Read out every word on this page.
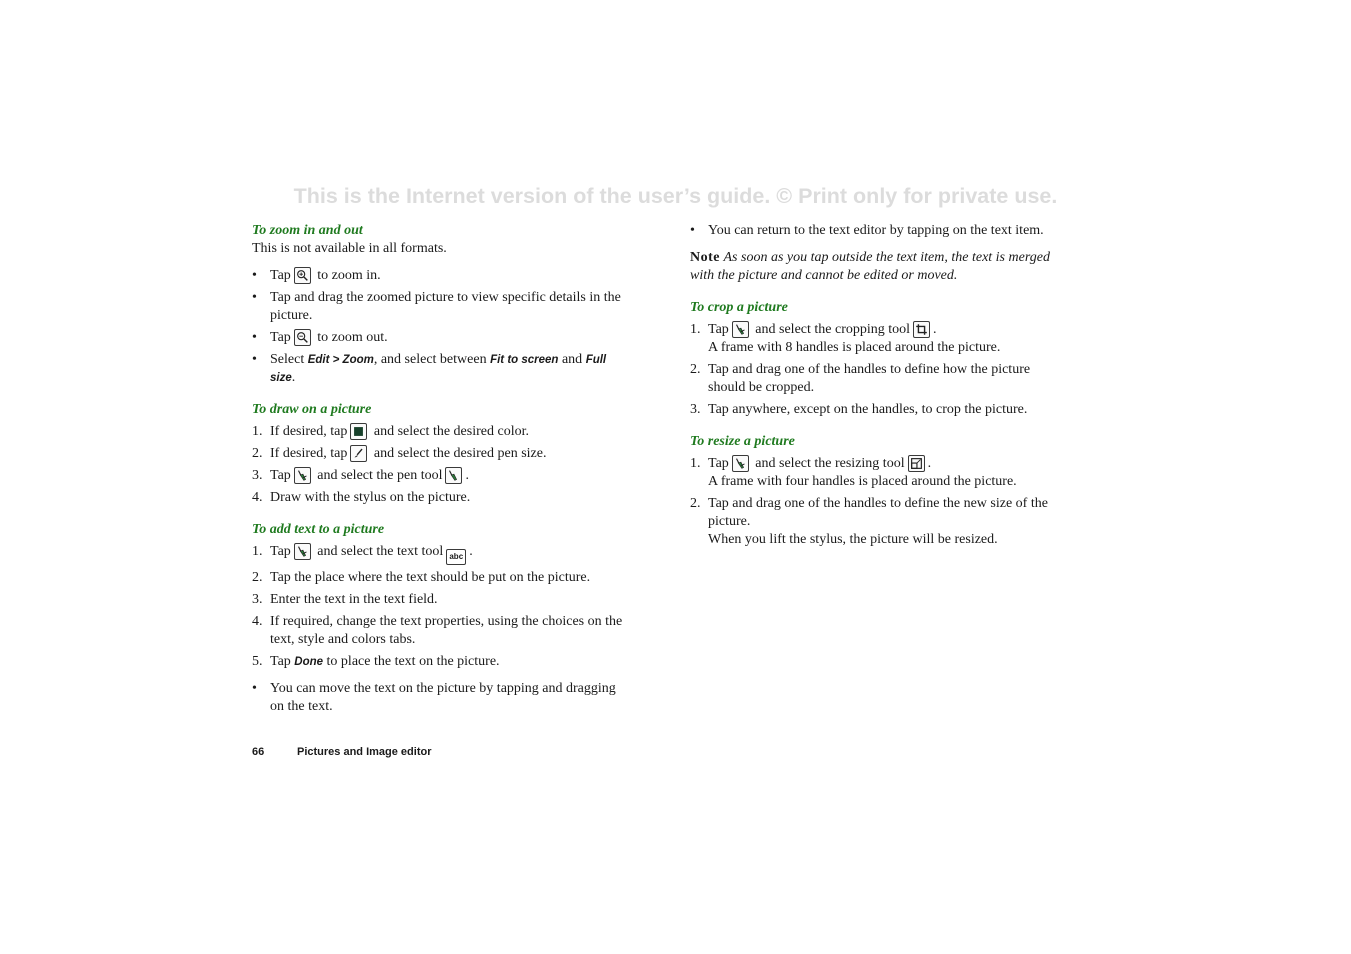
This is the Internet version of the user’s guide. © Print only for private use.

To zoom in and out

This is not available in all formats.

• Tap to zoom in.
• Tap and drag the zoomed picture to view specific details in the picture.
• Tap to zoom out.
• Select Edit > Zoom, and select between Fit to screen and Full size.

To draw on a picture

1. If desired, tap and select the desired color.
2. If desired, tap and select the desired pen size.
3. Tap and select the pen tool .
4. Draw with the stylus on the picture.

To add text to a picture

1. Tap and select the text tool abc .
2. Tap the place where the text should be put on the picture.
3. Enter the text in the text field.
4. If required, change the text properties, using the choices on the text, style and colors tabs.
5. Tap Done to place the text on the picture.
• You can move the text on the picture by tapping and dragging on the text.
• You can return to the text editor by tapping on the text item.

Note As soon as you tap outside the text item, the text is merged with the picture and cannot be edited or moved.

To crop a picture

1. Tap and select the cropping tool .
A frame with 8 handles is placed around the picture.
2. Tap and drag one of the handles to define how the picture should be cropped.
3. Tap anywhere, except on the handles, to crop the picture.

To resize a picture

1. Tap and select the resizing tool .
A frame with four handles is placed around the picture.
2. Tap and drag one of the handles to define the new size of the picture.
When you lift the stylus, the picture will be resized.
66	Pictures and Image editor
